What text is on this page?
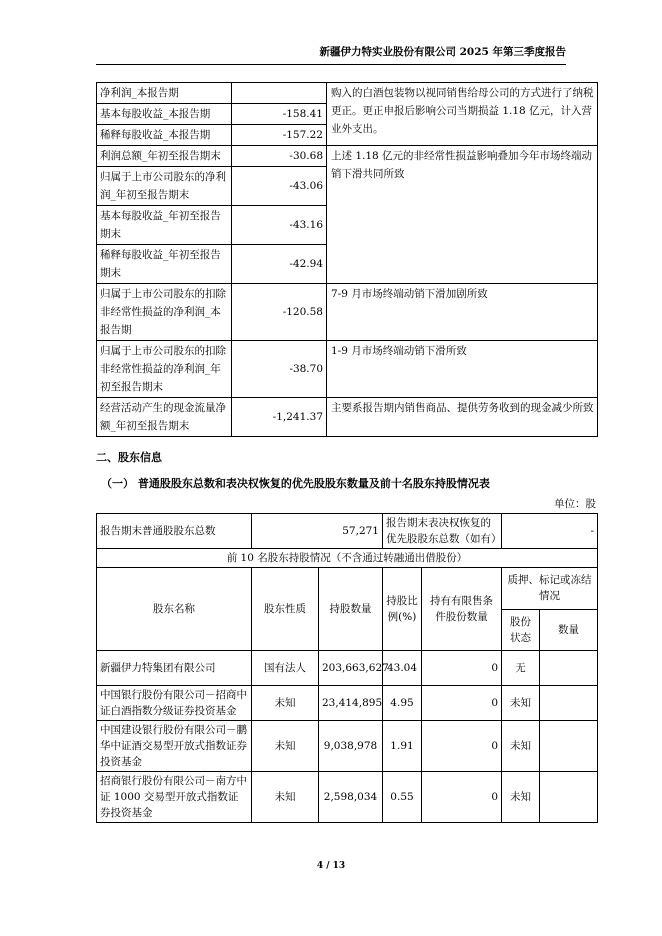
新疆伊力特实业股份有限公司 2025 年第三季度报告
净利润_本报告期		购入的白酒包装物以视同销售给母公司的方式进行了纳税更正。更正申报后影响公司当期损益 1.18 亿元，计入营业外支出。
基本每股收益_本报告期	-158.41	
稀释每股收益_本报告期	-157.22	
利润总额_年初至报告期末	-30.68	上述 1.18 亿元的非经常性损益影响叠加今年市场终端动销下滑共同所致
归属于上市公司股东的净利润_年初至报告期末	-43.06	
基本每股收益_年初至报告期末	-43.16	
稀释每股收益_年初至报告期末	-42.94	
归属于上市公司股东的扣除非经常性损益的净利润_本报告期	-120.58	7-9 月市场终端动销下滑加剧所致
归属于上市公司股东的扣除非经常性损益的净利润_年初至报告期末	-38.70	1-9 月市场终端动销下滑所致
经营活动产生的现金流量净额_年初至报告期末	-1,241.37	主要系报告期内销售商品、提供劳务收到的现金减少所致
二、股东信息
（一） 普通股股东总数和表决权恢复的优先股股东数量及前十名股东持股情况表
单位：股
报告期末普通股股东总数	57,271		报告期末表决权恢复的优先股股东总数（如有）		-	
前 10 名股东持股情况（不含通过转融通出借股份）						
股东名称	股东性质	持股数量	持股比例(%)	持有有限售条件股份数量	质押、标记或冻结情况	
					股份状态	数量
新疆伊力特集团有限公司	国有法人	203,663,627	43.04	0	无	
中国银行股份有限公司－招商中证白酒指数分级证券投资基金	未知	23,414,895	4.95	0	未知	
中国建设银行股份有限公司－鹏华中证酒交易型开放式指数证券投资基金	未知	9,038,978	1.91	0	未知	
招商银行股份有限公司－南方中证 1000 交易型开放式指数证券投资基金	未知	2,598,034	0.55	0	未知	
4 / 13
